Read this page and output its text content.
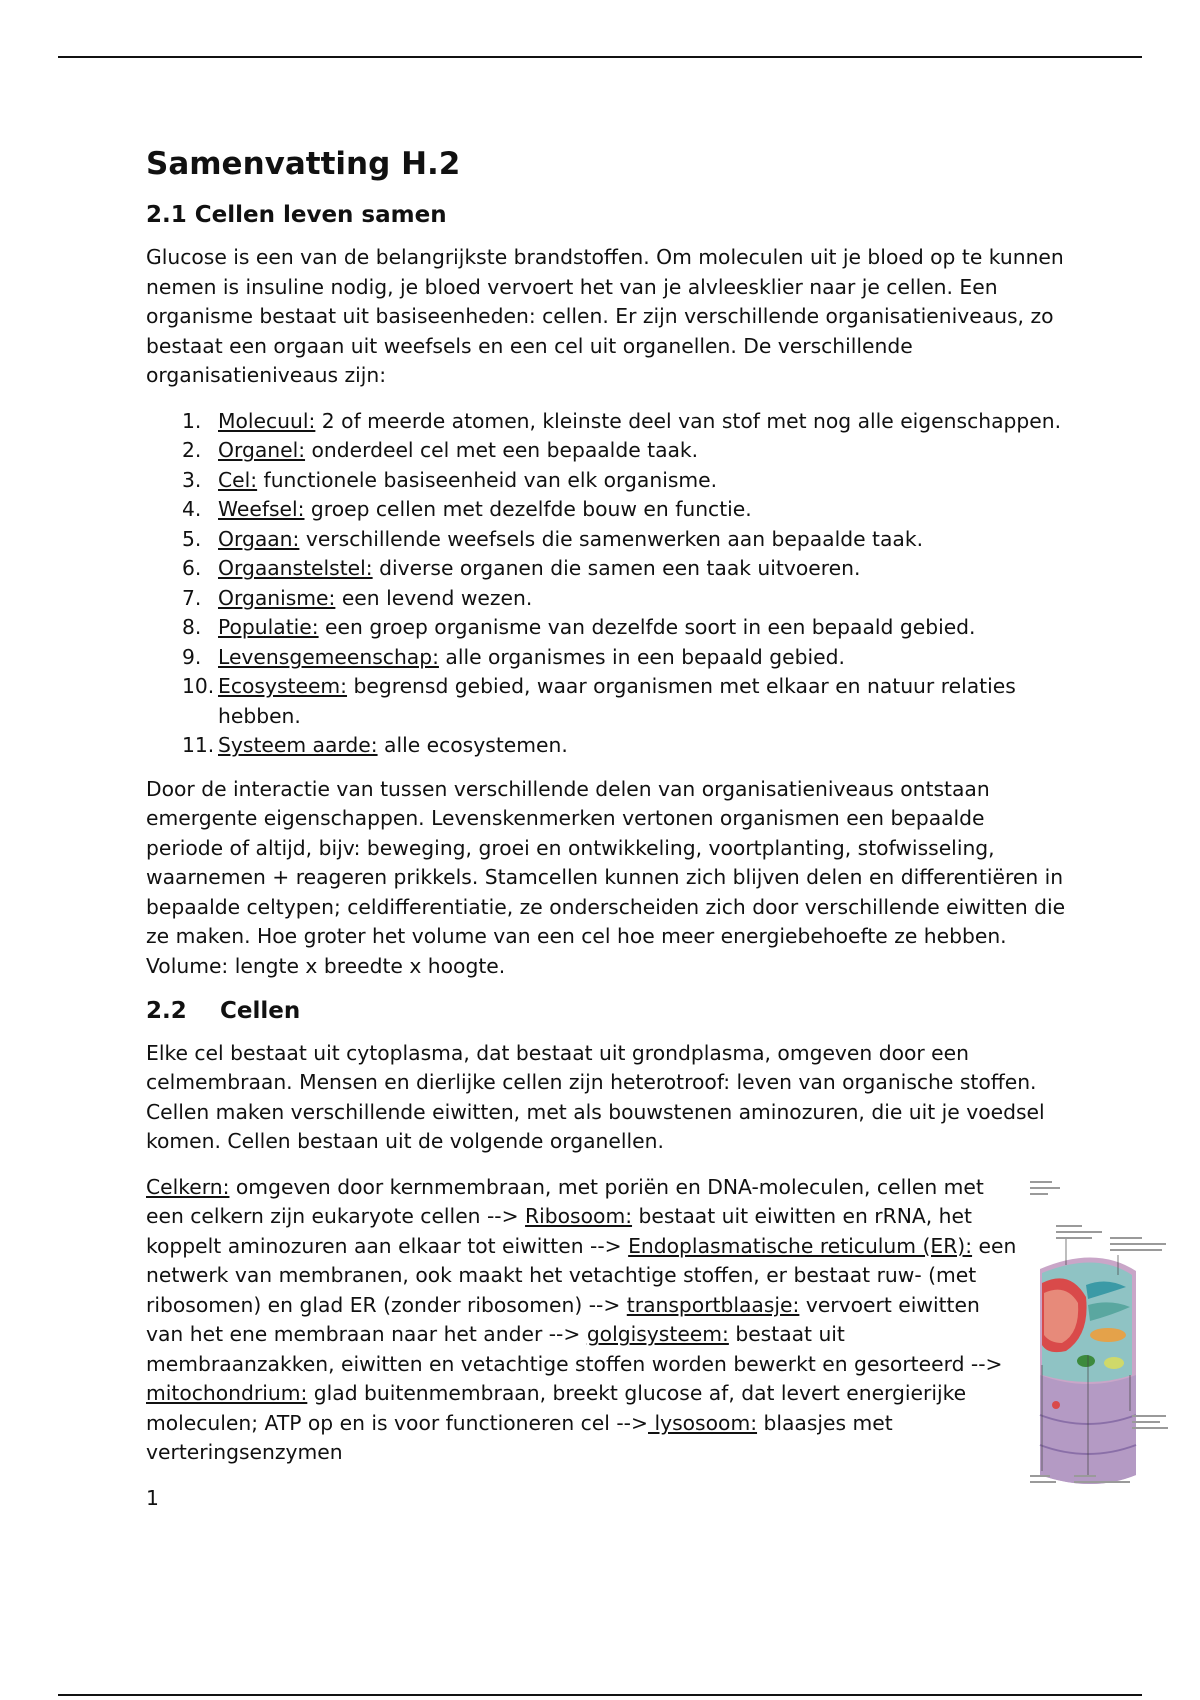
Samenvatting H.2
2.1 Cellen leven samen

Glucose is een van de belangrijkste brandstoffen. Om moleculen uit je bloed op te kunnen nemen is insuline nodig, je bloed vervoert het van je alvleesklier naar je cellen. Een organisme bestaat uit basiseenheden: cellen. Er zijn verschillende organisatieniveaus, zo bestaat een orgaan uit weefsels en een cel uit organellen. De verschillende organisatieniveaus zijn:

1. Molecuul: 2 of meerde atomen, kleinste deel van stof met nog alle eigenschappen.
2. Organel: onderdeel cel met een bepaalde taak.
3. Cel: functionele basiseenheid van elk organisme.
4. Weefsel: groep cellen met dezelfde bouw en functie.
5. Orgaan: verschillende weefsels die samenwerken aan bepaalde taak.
6. Orgaanstelstel: diverse organen die samen een taak uitvoeren.
7. Organisme: een levend wezen.
8. Populatie: een groep organisme van dezelfde soort in een bepaald gebied.
9. Levensgemeenschap: alle organismes in een bepaald gebied.
10. Ecosysteem: begrensd gebied, waar organismen met elkaar en natuur relaties hebben.
11. Systeem aarde: alle ecosystemen.

Door de interactie van tussen verschillende delen van organisatieniveaus ontstaan emergente eigenschappen. Levenskenmerken vertonen organismen een bepaalde periode of altijd, bijv: beweging, groei en ontwikkeling, voortplanting, stofwisseling, waarnemen + reageren prikkels. Stamcellen kunnen zich blijven delen en differentiëren in bepaalde celtypen; celdifferentiatie, ze onderscheiden zich door verschillende eiwitten die ze maken. Hoe groter het volume van een cel hoe meer energiebehoefte ze hebben. Volume: lengte x breedte x hoogte.

2.2 Cellen

Elke cel bestaat uit cytoplasma, dat bestaat uit grondplasma, omgeven door een celmembraan. Mensen en dierlijke cellen zijn heterotroof: leven van organische stoffen. Cellen maken verschillende eiwitten, met als bouwstenen aminozuren, die uit je voedsel komen. Cellen bestaan uit de volgende organellen.

Celkern: omgeven door kernmembraan, met poriën en DNA-moleculen, cellen met een celkern zijn eukaryote cellen --> Ribosoom: bestaat uit eiwitten en rRNA, het koppelt aminozuren aan elkaar tot eiwitten --> Endoplasmatische reticulum (ER): een netwerk van membranen, ook maakt het vetachtige stoffen, er bestaat ruw- (met ribosomen) en glad ER (zonder ribosomen) --> transportblaasje: vervoert eiwitten van het ene membraan naar het ander --> golgisysteem: bestaat uit membraanzakken, eiwitten en vetachtige stoffen worden bewerkt en gesorteerd --> mitochondrium: glad buitenmembraan, breekt glucose af, dat levert energierijke moleculen; ATP op en is voor functioneren cel --> lysosoom: blaasjes met verteringsenzymen

1
